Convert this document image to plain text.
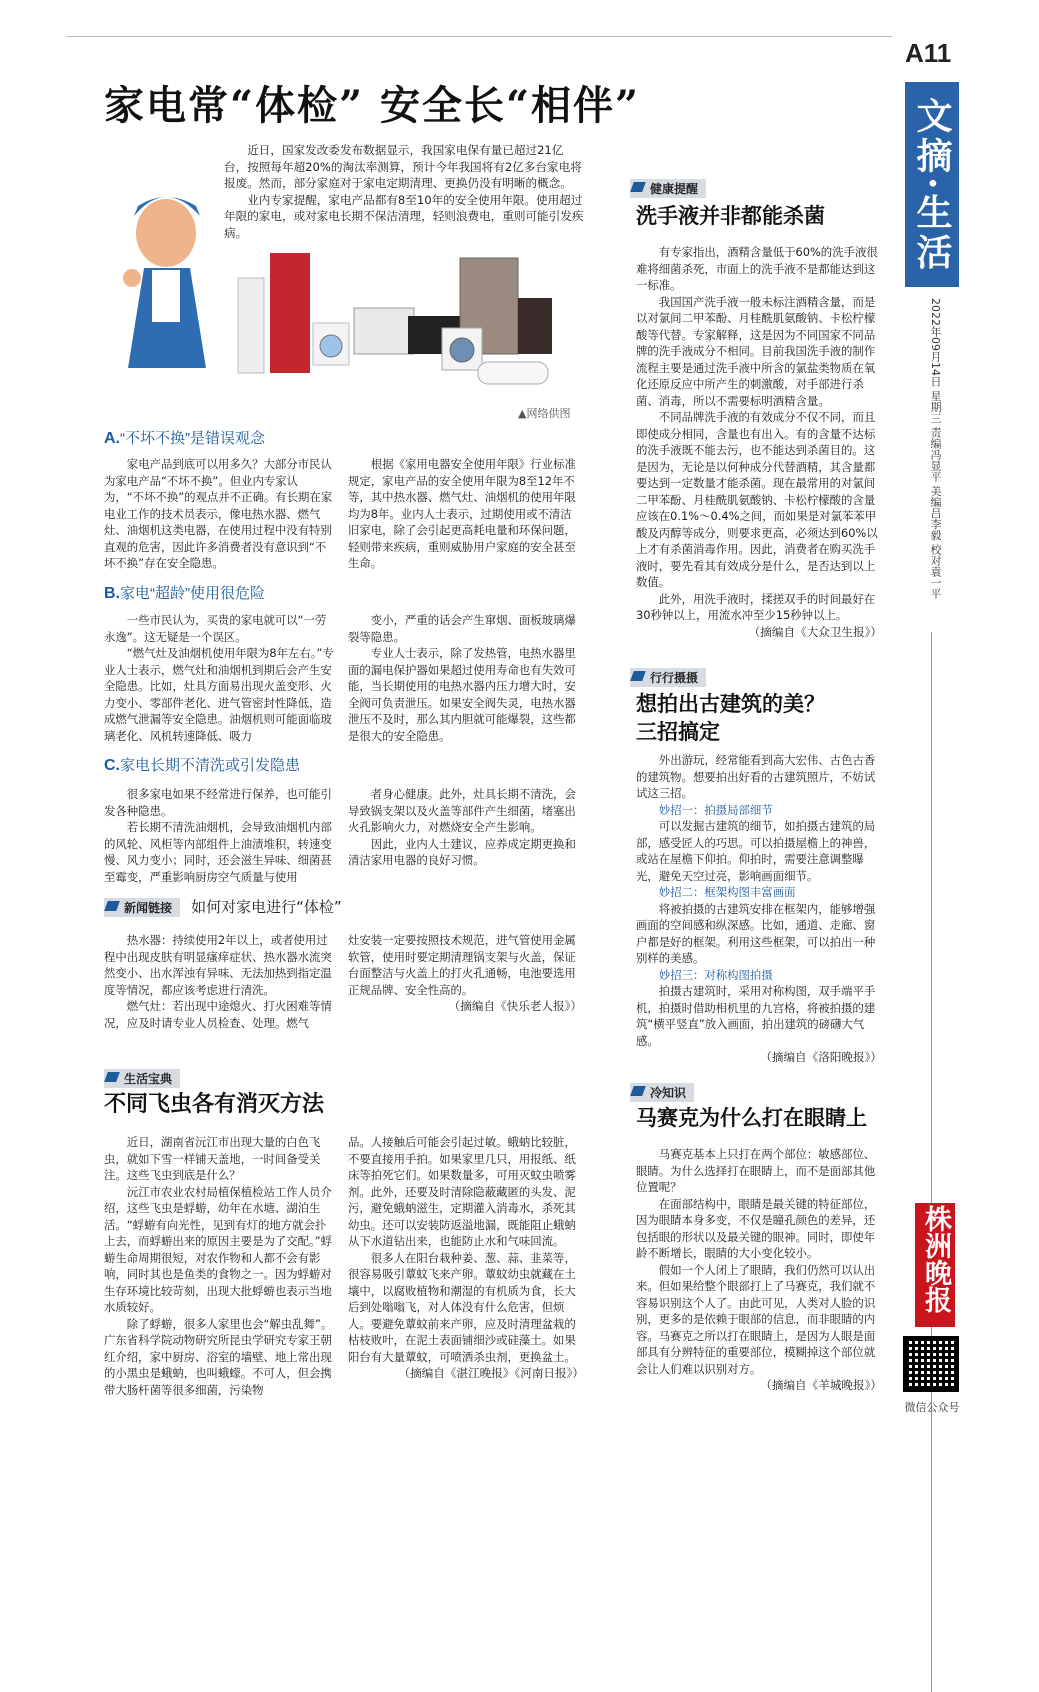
A11
文摘·生活
2022年09月14日 星期三 责编冯显平 美编吕李毅 校对袁一平
株洲晚报
微信公众号
家电常“体检” 安全长“相伴”

近日，国家发改委发布数据显示，我国家电保有量已超过21亿台，按照每年超20%的淘汰率测算，预计今年我国将有2亿多台家电将报废。然而，部分家庭对于家电定期清理、更换仍没有明晰的概念。

业内专家提醒，家电产品都有8至10年的安全使用年限。使用超过年限的家电，或对家电长期不保洁清理，轻则浪费电，重则可能引发疾病。

▲网络供图
A.“不坏不换”是错误观念

家电产品到底可以用多久？大部分市民认为家电产品“不坏不换”。但业内专家认为，“不坏不换”的观点并不正确。有长期在家电业工作的技术员表示，像电热水器、燃气灶、油烟机这类电器，在使用过程中没有特别直观的危害，因此许多消费者没有意识到“不坏不换”存在安全隐患。

根据《家用电器安全使用年限》行业标准规定，家电产品的安全使用年限为8至12年不等，其中热水器、燃气灶、油烟机的使用年限均为8年。业内人士表示，过期使用或不清洁旧家电，除了会引起更高耗电量和环保问题，轻则带来疾病，重则威胁用户家庭的安全甚至生命。

B.家电“超龄”使用很危险

一些市民认为，买贵的家电就可以“一劳永逸”。这无疑是一个误区。

“燃气灶及油烟机使用年限为8年左右。”专业人士表示，燃气灶和油烟机到期后会产生安全隐患。比如，灶具方面易出现火盖变形、火力变小、零部件老化、进气管密封性降低，造成燃气泄漏等安全隐患。油烟机则可能面临玻璃老化、风机转速降低、吸力

变小，严重的话会产生窜烟、面板玻璃爆裂等隐患。

专业人士表示，除了发热管，电热水器里面的漏电保护器如果超过使用寿命也有失效可能，当长期使用的电热水器内压力增大时，安全阀可负责泄压。如果安全阀失灵，电热水器泄压不及时，那么其内胆就可能爆裂，这些都是很大的安全隐患。

C.家电长期不清洗或引发隐患

很多家电如果不经常进行保养，也可能引发各种隐患。

若长期不清洗油烟机，会导致油烟机内部的风轮、风柜等内部组件上油渍堆积，转速变慢、风力变小；同时，还会滋生异味、细菌甚至霉变，严重影响厨房空气质量与使用

者身心健康。此外，灶具长期不清洗，会导致锅支架以及火盖等部件产生细菌，堵塞出火孔影响火力，对燃烧安全产生影响。

因此，业内人士建议，应养成定期更换和清洁家用电器的良好习惯。

新闻链接 如何对家电进行“体检”

热水器：持续使用2年以上，或者使用过程中出现皮肤有明显瘙痒症状、热水器水流突然变小、出水浑浊有异味、无法加热到指定温度等情况，都应该考虑进行清洗。

燃气灶：若出现中途熄火、打火困难等情况，应及时请专业人员检查、处理。燃气

灶安装一定要按照技术规范，进气管使用金属软管，使用时要定期清理锅支架与火盖，保证台面整洁与火盖上的打火孔通畅，电池要选用正规品牌、安全性高的。

（摘编自《快乐老人报》）
健康提醒
洗手液并非都能杀菌

有专家指出，酒精含量低于60%的洗手液很难将细菌杀死，市面上的洗手液不是都能达到这一标准。

我国国产洗手液一般未标注酒精含量，而是以对氯间二甲苯酚、月桂酰肌氨酸钠、卡松柠檬酸等代替。专家解释，这是因为不同国家不同品牌的洗手液成分不相同。目前我国洗手液的制作流程主要是通过洗手液中所含的氯盐类物质在氧化还原反应中所产生的刺激酸，对手部进行杀菌、消毒，所以不需要标明酒精含量。

不同品牌洗手液的有效成分不仅不同，而且即使成分相同，含量也有出入。有的含量不达标的洗手液既不能去污，也不能达到杀菌目的。这是因为，无论是以何种成分代替酒精，其含量都要达到一定数量才能杀菌。现在最常用的对氯间二甲苯酚、月桂酰肌氨酸钠、卡松柠檬酸的含量应该在0.1%～0.4%之间，而如果是对氯苯苯甲酸及丙醇等成分，则要求更高，必须达到60%以上才有杀菌消毒作用。因此，消费者在购买洗手液时，要先看其有效成分是什么，是否达到以上数值。

此外，用洗手液时，揉搓双手的时间最好在30秒钟以上，用流水冲至少15秒钟以上。

（摘编自《大众卫生报》）
行行摄摄
想拍出古建筑的美？
三招搞定

外出游玩，经常能看到高大宏伟、古色古香的建筑物。想要拍出好看的古建筑照片，不妨试试这三招。

妙招一：拍摄局部细节

可以发掘古建筑的细节，如拍摄古建筑的局部，感受匠人的巧思。可以拍摄屋檐上的神兽，或站在屋檐下仰拍。仰拍时，需要注意调整曝光，避免天空过亮，影响画面细节。

妙招二：框架构图丰富画面

将被拍摄的古建筑安排在框架内，能够增强画面的空间感和纵深感。比如，通道、走廊、窗户都是好的框架。利用这些框架，可以拍出一种别样的美感。

妙招三：对称构图拍摄

拍摄古建筑时，采用对称构图，双手端平手机，拍摄时借助相机里的九宫格，将被拍摄的建筑“横平竖直”放入画面，拍出建筑的磅礴大气感。

（摘编自《洛阳晚报》）
生活宝典
不同飞虫各有消灭方法

近日，湖南省沅江市出现大量的白色飞虫，就如下雪一样铺天盖地，一时间备受关注。这些飞虫到底是什么？

沅江市农业农村局植保植检站工作人员介绍，这些飞虫是蜉蝣，幼年在水塘、湖泊生活。“蜉蝣有向光性，见到有灯的地方就会扑上去，而蜉蝣出来的原因主要是为了交配。”蜉蝣生命周期很短，对农作物和人都不会有影响，同时其也是鱼类的食物之一。因为蜉蝣对生存环境比较苛刻，出现大批蜉蝣也表示当地水质较好。

除了蜉蝣，很多人家里也会“解虫乱舞”。广东省科学院动物研究所昆虫学研究专家王朝红介绍，家中厨房、浴室的墙壁、地上常出现的小黑虫是蛾蚋，也叫蛾蠓。不可人，但会携带大肠杆菌等很多细菌，污染物

品。人接触后可能会引起过敏。蛾蚋比较脏，不要直接用手拍。如果家里几只，用报纸、纸床等拍死它们。如果数量多，可用灭蚊虫喷雾剂。此外，还要及时清除隐蔽藏匿的头发、泥污，避免蛾蚋滋生，定期灌入消毒水，杀死其幼虫。还可以安装防返溢地漏，既能阻止蛾蚋从下水道钻出来，也能防止水和气味回流。

很多人在阳台栽种姜、葱、蒜、韭菜等，很容易吸引蕈蚊飞来产卵。蕈蚊幼虫就藏在土壤中，以腐败植物和潮湿的有机质为食，长大后到处嗡嗡飞，对人体没有什么危害，但烦人。要避免蕈蚊前来产卵，应及时清理盆栽的枯枝败叶，在泥土表面铺细沙或硅藻土。如果阳台有大量蕈蚊，可喷洒杀虫剂，更换盆土。

（摘编自《湛江晚报》《河南日报》）
冷知识
马赛克为什么打在眼睛上

马赛克基本上只打在两个部位：敏感部位、眼睛。为什么选择打在眼睛上，而不是面部其他位置呢？

在面部结构中，眼睛是最关键的特征部位，因为眼睛本身多变，不仅是瞳孔颜色的差异，还包括眼的形状以及最关键的眼神。同时，即使年龄不断增长，眼睛的大小变化较小。

假如一个人闭上了眼睛，我们仍然可以认出来。但如果给整个眼部打上了马赛克，我们就不容易识别这个人了。由此可见，人类对人脸的识别，更多的是依赖于眼部的信息，而非眼睛的内容。马赛克之所以打在眼睛上，是因为人眼是面部具有分辨特征的重要部位，模糊掉这个部位就会让人们难以识别对方。

（摘编自《羊城晚报》）
